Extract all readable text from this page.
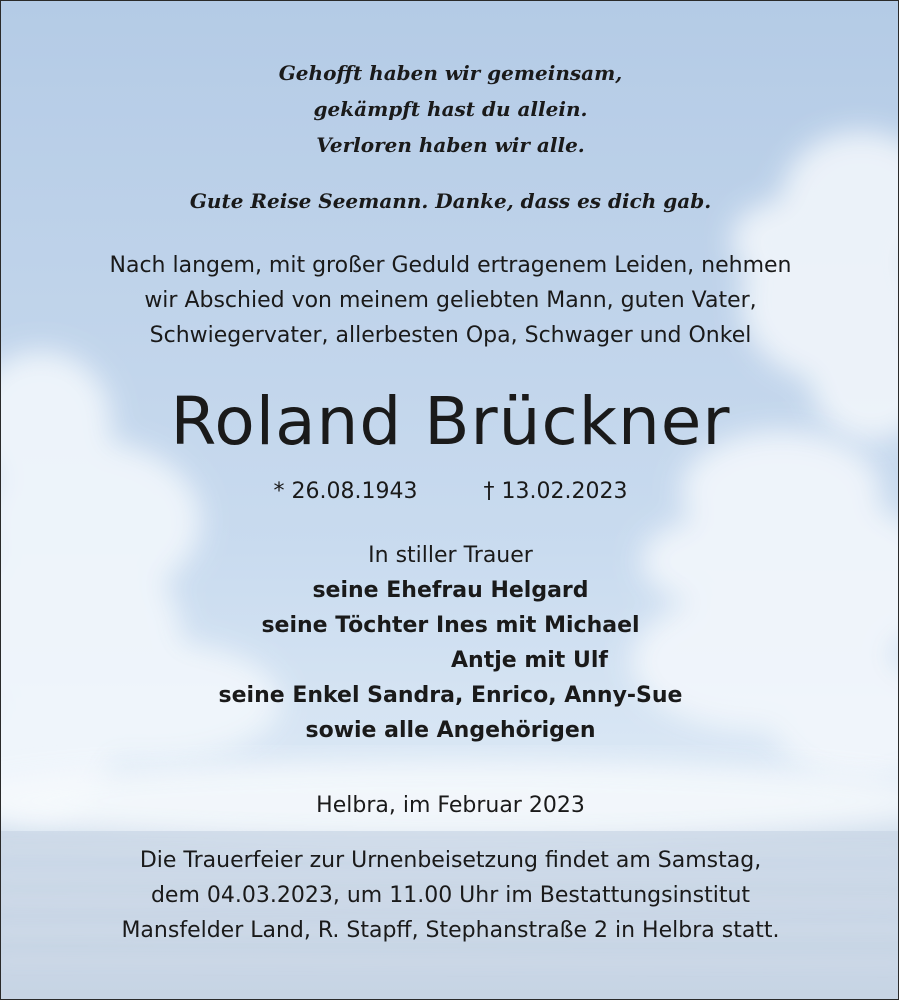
Gehofft haben wir gemeinsam,
gekämpft hast du allein.
Verloren haben wir alle.
Gute Reise Seemann. Danke, dass es dich gab.
Nach langem, mit großer Geduld ertragenem Leiden, nehmen
wir Abschied von meinem geliebten Mann, guten Vater,
Schwiegervater, allerbesten Opa, Schwager und Onkel
Roland Brückner
* 26.08.1943	† 13.02.2023
In stiller Trauer
seine Ehefrau Helgard
seine Töchter Ines mit Michael
Antje mit Ulf
seine Enkel Sandra, Enrico, Anny-Sue
sowie alle Angehörigen
Helbra, im Februar 2023
Die Trauerfeier zur Urnenbeisetzung findet am Samstag,
dem 04.03.2023, um 11.00 Uhr im Bestattungsinstitut
Mansfelder Land, R. Stapff, Stephanstraße 2 in Helbra statt.
